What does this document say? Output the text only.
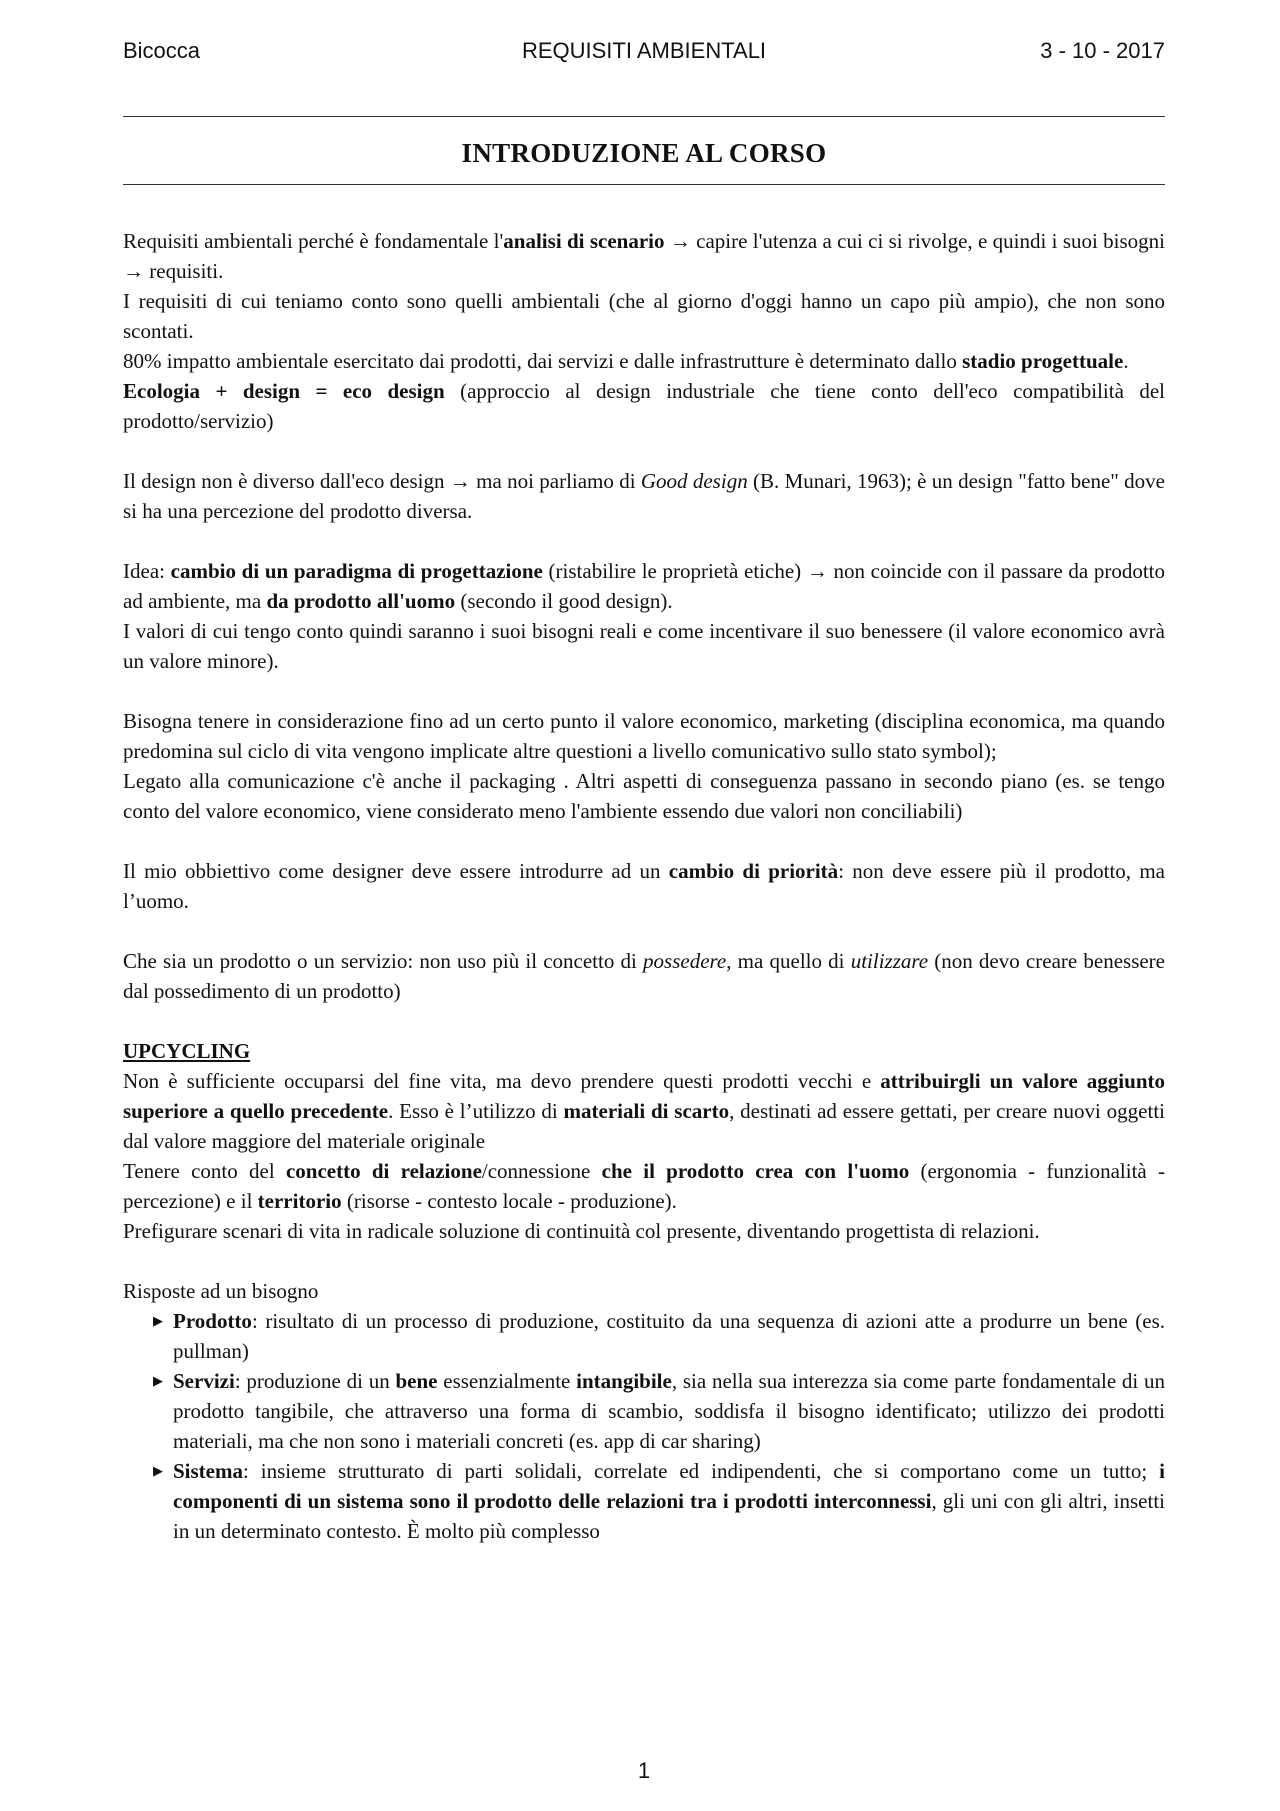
Bicocca	REQUISITI AMBIENTALI	3 - 10 - 2017
INTRODUZIONE AL CORSO

Requisiti ambientali perché è fondamentale l'analisi di scenario → capire l'utenza a cui ci si rivolge, e quindi i suoi bisogni → requisiti.

I requisiti di cui teniamo conto sono quelli ambientali (che al giorno d'oggi hanno un capo più ampio), che non sono scontati.

80% impatto ambientale esercitato dai prodotti, dai servizi e dalle infrastrutture è determinato dallo stadio progettuale.

Ecologia + design = eco design (approccio al design industriale che tiene conto dell'eco compatibilità del prodotto/servizio)

Il design non è diverso dall'eco design → ma noi parliamo di Good design (B. Munari, 1963); è un design "fatto bene" dove si ha una percezione del prodotto diversa.

Idea: cambio di un paradigma di progettazione (ristabilire le proprietà etiche) → non coincide con il passare da prodotto ad ambiente, ma da prodotto all'uomo (secondo il good design).

I valori di cui tengo conto quindi saranno i suoi bisogni reali e come incentivare il suo benessere (il valore economico avrà un valore minore).

Bisogna tenere in considerazione fino ad un certo punto il valore economico, marketing (disciplina economica, ma quando predomina sul ciclo di vita vengono implicate altre questioni a livello comunicativo sullo stato symbol);

Legato alla comunicazione c'è anche il packaging . Altri aspetti di conseguenza passano in secondo piano (es. se tengo conto del valore economico, viene considerato meno l'ambiente essendo due valori non conciliabili)

Il mio obbiettivo come designer deve essere introdurre ad un cambio di priorità: non deve essere più il prodotto, ma l’uomo.

Che sia un prodotto o un servizio: non uso più il concetto di possedere, ma quello di utilizzare (non devo creare benessere dal possedimento di un prodotto)

UPCYCLING

Non è sufficiente occuparsi del fine vita, ma devo prendere questi prodotti vecchi e attribuirgli un valore aggiunto superiore a quello precedente. Esso è l’utilizzo di materiali di scarto, destinati ad essere gettati, per creare nuovi oggetti dal valore maggiore del materiale originale

Tenere conto del concetto di relazione/connessione che il prodotto crea con l'uomo (ergonomia - funzionalità - percezione) e il territorio (risorse - contesto locale - produzione).

Prefigurare scenari di vita in radicale soluzione di continuità col presente, diventando progettista di relazioni.

Risposte ad un bisogno

▶ Prodotto: risultato di un processo di produzione, costituito da una sequenza di azioni atte a produrre un bene (es. pullman)
▶ Servizi: produzione di un bene essenzialmente intangibile, sia nella sua interezza sia come parte fondamentale di un prodotto tangibile, che attraverso una forma di scambio, soddisfa il bisogno identificato; utilizzo dei prodotti materiali, ma che non sono i materiali concreti (es. app di car sharing)
▶ Sistema: insieme strutturato di parti solidali, correlate ed indipendenti, che si comportano come un tutto; i componenti di un sistema sono il prodotto delle relazioni tra i prodotti interconnessi, gli uni con gli altri, insetti in un determinato contesto. È molto più complesso
1
